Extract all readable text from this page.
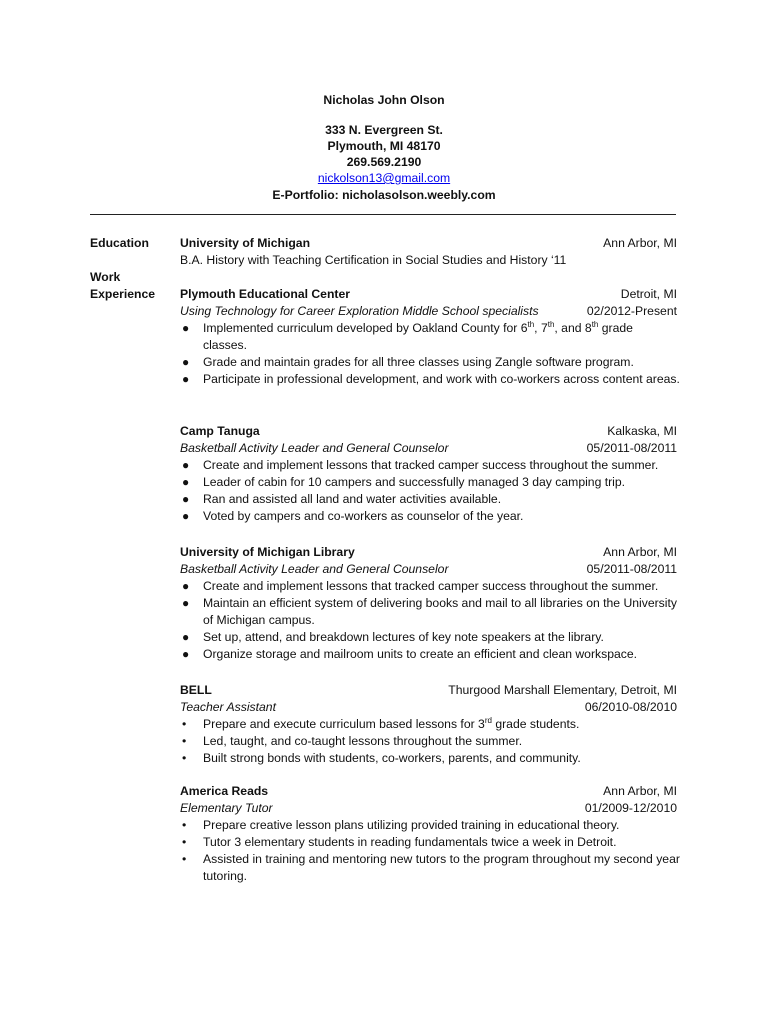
Nicholas John Olson
333 N. Evergreen St.
Plymouth, MI 48170
269.569.2190
nickolson13@gmail.com
E-Portfolio: nicholasolson.weebly.com
Education
Work
Experience
University of Michigan	Ann Arbor, MI
B.A. History with Teaching Certification in Social Studies and History ‘11
Plymouth Educational Center	Detroit, MI
Using Technology for Career Exploration Middle School specialists	02/2012-Present
● Implemented curriculum developed by Oakland County for 6th, 7th, and 8th grade classes.
● Grade and maintain grades for all three classes using Zangle software program.
● Participate in professional development, and work with co-workers across content areas.
Camp Tanuga	Kalkaska, MI
Basketball Activity Leader and General Counselor	05/2011-08/2011
● Create and implement lessons that tracked camper success throughout the summer.
● Leader of cabin for 10 campers and successfully managed 3 day camping trip.
● Ran and assisted all land and water activities available.
● Voted by campers and co-workers as counselor of the year.
University of Michigan Library	Ann Arbor, MI
Basketball Activity Leader and General Counselor	05/2011-08/2011
● Create and implement lessons that tracked camper success throughout the summer.
● Maintain an efficient system of delivering books and mail to all libraries on the University of Michigan campus.
● Set up, attend, and breakdown lectures of key note speakers at the library.
● Organize storage and mailroom units to create an efficient and clean workspace.
BELL	Thurgood Marshall Elementary, Detroit, MI
Teacher Assistant	06/2010-08/2010
• Prepare and execute curriculum based lessons for 3rd grade students.
• Led, taught, and co-taught lessons throughout the summer.
• Built strong bonds with students, co-workers, parents, and community.
America Reads	Ann Arbor, MI
Elementary Tutor	01/2009-12/2010
• Prepare creative lesson plans utilizing provided training in educational theory.
• Tutor 3 elementary students in reading fundamentals twice a week in Detroit.
• Assisted in training and mentoring new tutors to the program throughout my second year tutoring.
